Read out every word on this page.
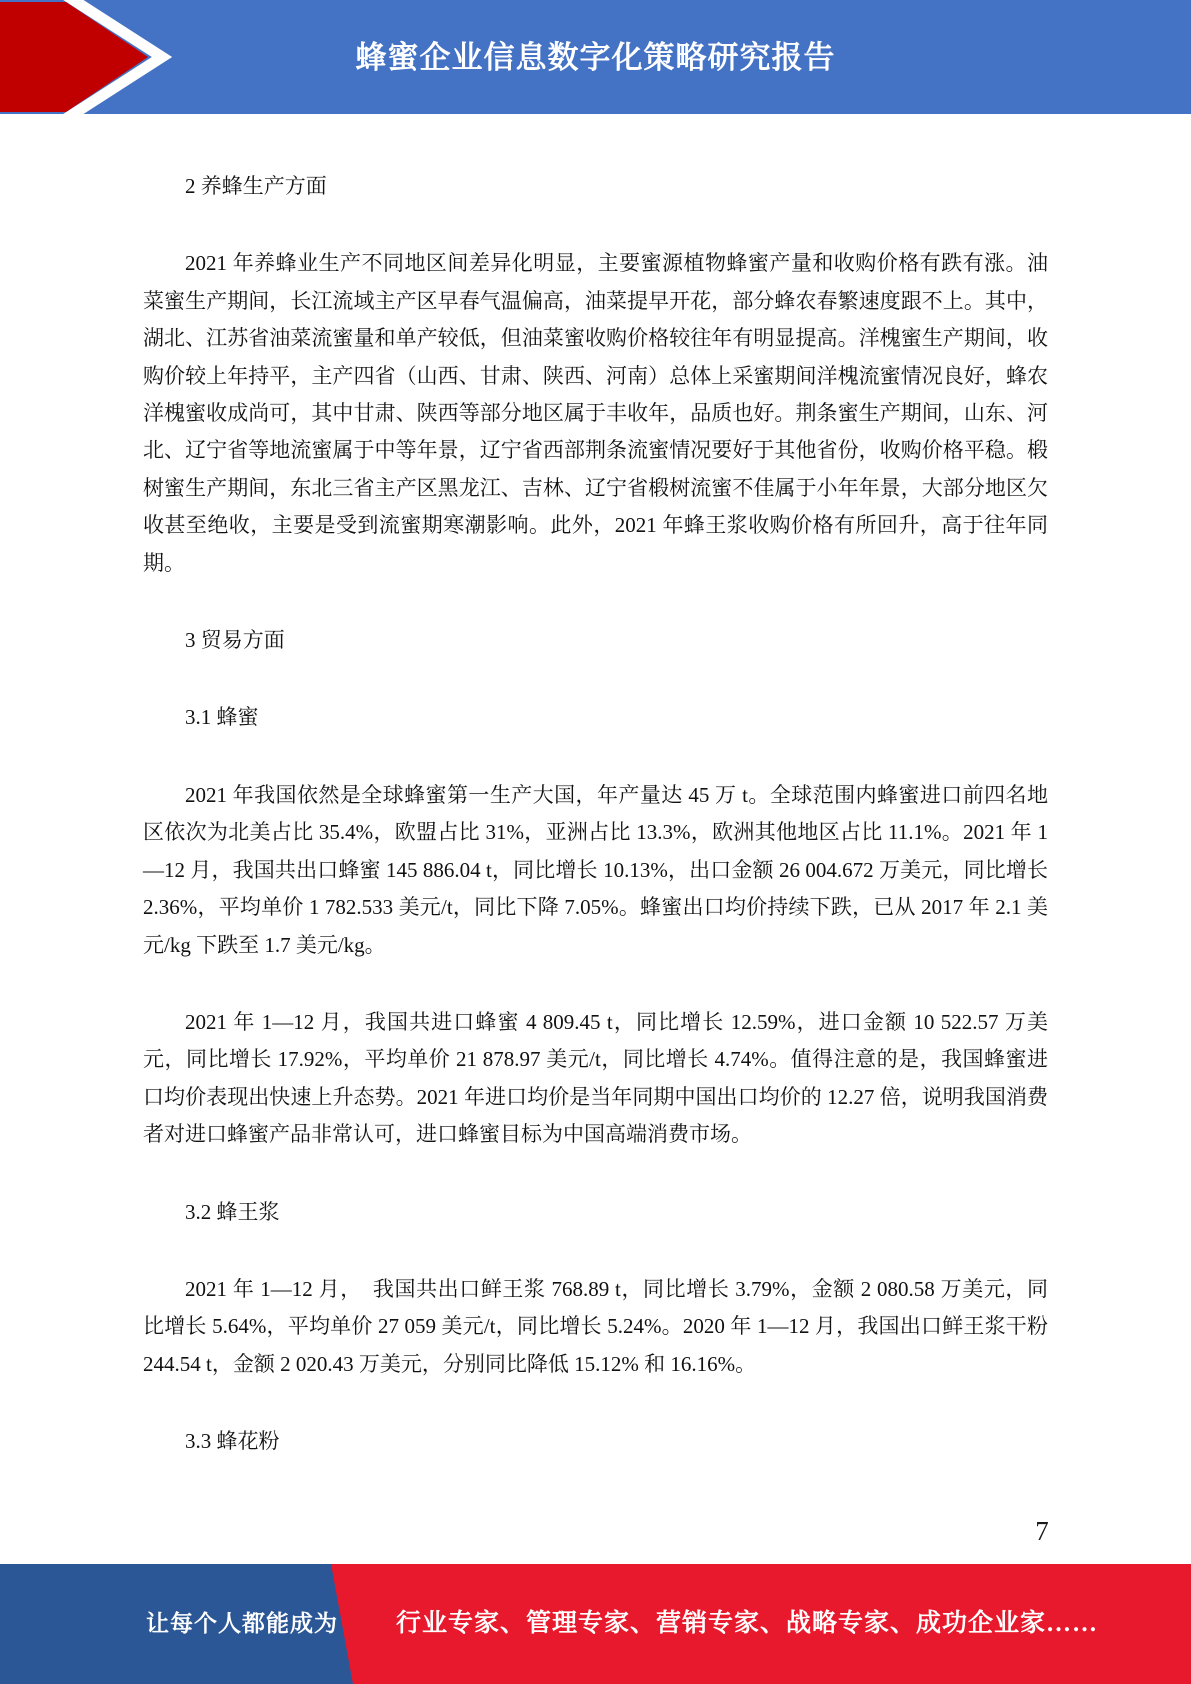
蜂蜜企业信息数字化策略研究报告
2 养蜂生产方面
2021 年养蜂业生产不同地区间差异化明显，主要蜜源植物蜂蜜产量和收购价格有跌有涨。油菜蜜生产期间，长江流域主产区早春气温偏高，油菜提早开花，部分蜂农春繁速度跟不上。其中，湖北、江苏省油菜流蜜量和单产较低，但油菜蜜收购价格较往年有明显提高。洋槐蜜生产期间，收购价较上年持平，主产四省（山西、甘肃、陕西、河南）总体上采蜜期间洋槐流蜜情况良好，蜂农洋槐蜜收成尚可，其中甘肃、陕西等部分地区属于丰收年，品质也好。荆条蜜生产期间，山东、河北、辽宁省等地流蜜属于中等年景，辽宁省西部荆条流蜜情况要好于其他省份，收购价格平稳。椴树蜜生产期间，东北三省主产区黑龙江、吉林、辽宁省椴树流蜜不佳属于小年年景，大部分地区欠收甚至绝收，主要是受到流蜜期寒潮影响。此外，2021 年蜂王浆收购价格有所回升，高于往年同期。
3 贸易方面
3.1 蜂蜜
2021 年我国依然是全球蜂蜜第一生产大国，年产量达 45 万 t。全球范围内蜂蜜进口前四名地区依次为北美占比 35.4%，欧盟占比 31%，亚洲占比 13.3%，欧洲其他地区占比 11.1%。2021 年 1—12 月，我国共出口蜂蜜 145 886.04 t，同比增长 10.13%，出口金额 26 004.672 万美元，同比增长 2.36%，平均单价 1 782.533 美元/t，同比下降 7.05%。蜂蜜出口均价持续下跌，已从 2017 年 2.1 美元/kg 下跌至 1.7 美元/kg。
2021 年 1—12 月，我国共进口蜂蜜 4 809.45 t，同比增长 12.59%，进口金额 10 522.57 万美元，同比增长 17.92%，平均单价 21 878.97 美元/t，同比增长 4.74%。值得注意的是，我国蜂蜜进口均价表现出快速上升态势。2021 年进口均价是当年同期中国出口均价的 12.27 倍，说明我国消费者对进口蜂蜜产品非常认可，进口蜂蜜目标为中国高端消费市场。
3.2 蜂王浆
2021 年 1—12 月，　我国共出口鲜王浆 768.89 t，同比增长 3.79%，金额 2 080.58 万美元，同比增长 5.64%，平均单价 27 059 美元/t，同比增长 5.24%。2020 年 1—12 月，我国出口鲜王浆干粉 244.54 t，金额 2 020.43 万美元，分别同比降低 15.12% 和 16.16%。
3.3 蜂花粉
7
让每个人都能成为 行业专家、管理专家、营销专家、战略专家、成功企业家……
